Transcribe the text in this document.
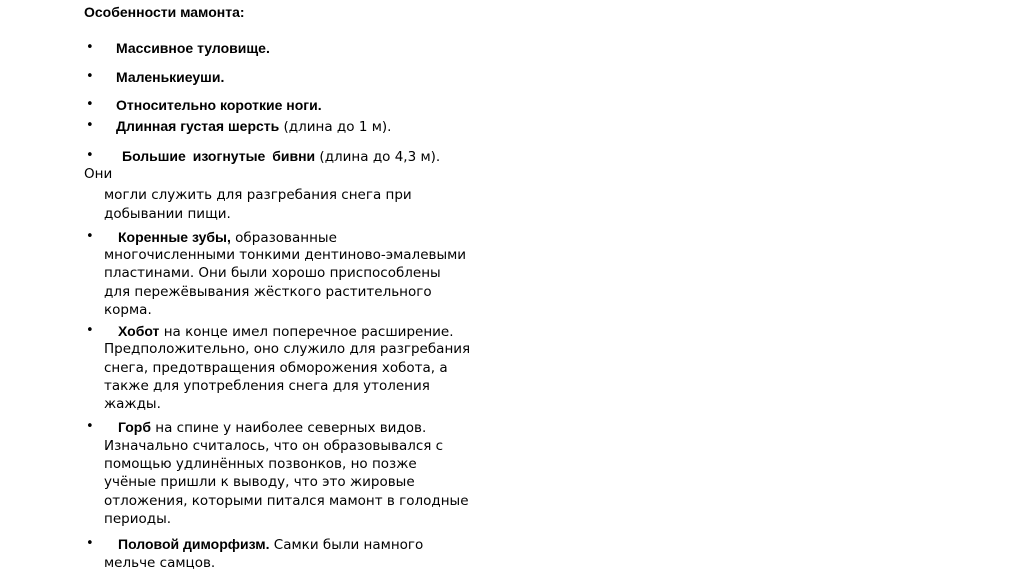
Особенности мамонта:
• Массивное туловище.
• Маленькиеуши.
• Относительно короткие ноги.
• Длинная густая шерсть (длина до 1 м).
• Большие изогнутые бивни (длина до 4,3 м).
Они
могли служить для разгребания снега при
добывании пищи.
• Коренные зубы, образованные
многочисленными тонкими дентиново-эмалевыми
пластинами. Они были хорошо приспособлены
для пережёвывания жёсткого растительного
корма.
• Хобот на конце имел поперечное расширение.
Предположительно, оно служило для разгребания
снега, предотвращения обморожения хобота, а
также для употребления снега для утоления
жажды.
• Горб на спине у наиболее северных видов.
Изначально считалось, что он образовывался с
помощью удлинённых позвонков, но позже
учёные пришли к выводу, что это жировые
отложения, которыми питался мамонт в голодные
периоды.
• Половой диморфизм. Самки были намного
мельче самцов.
